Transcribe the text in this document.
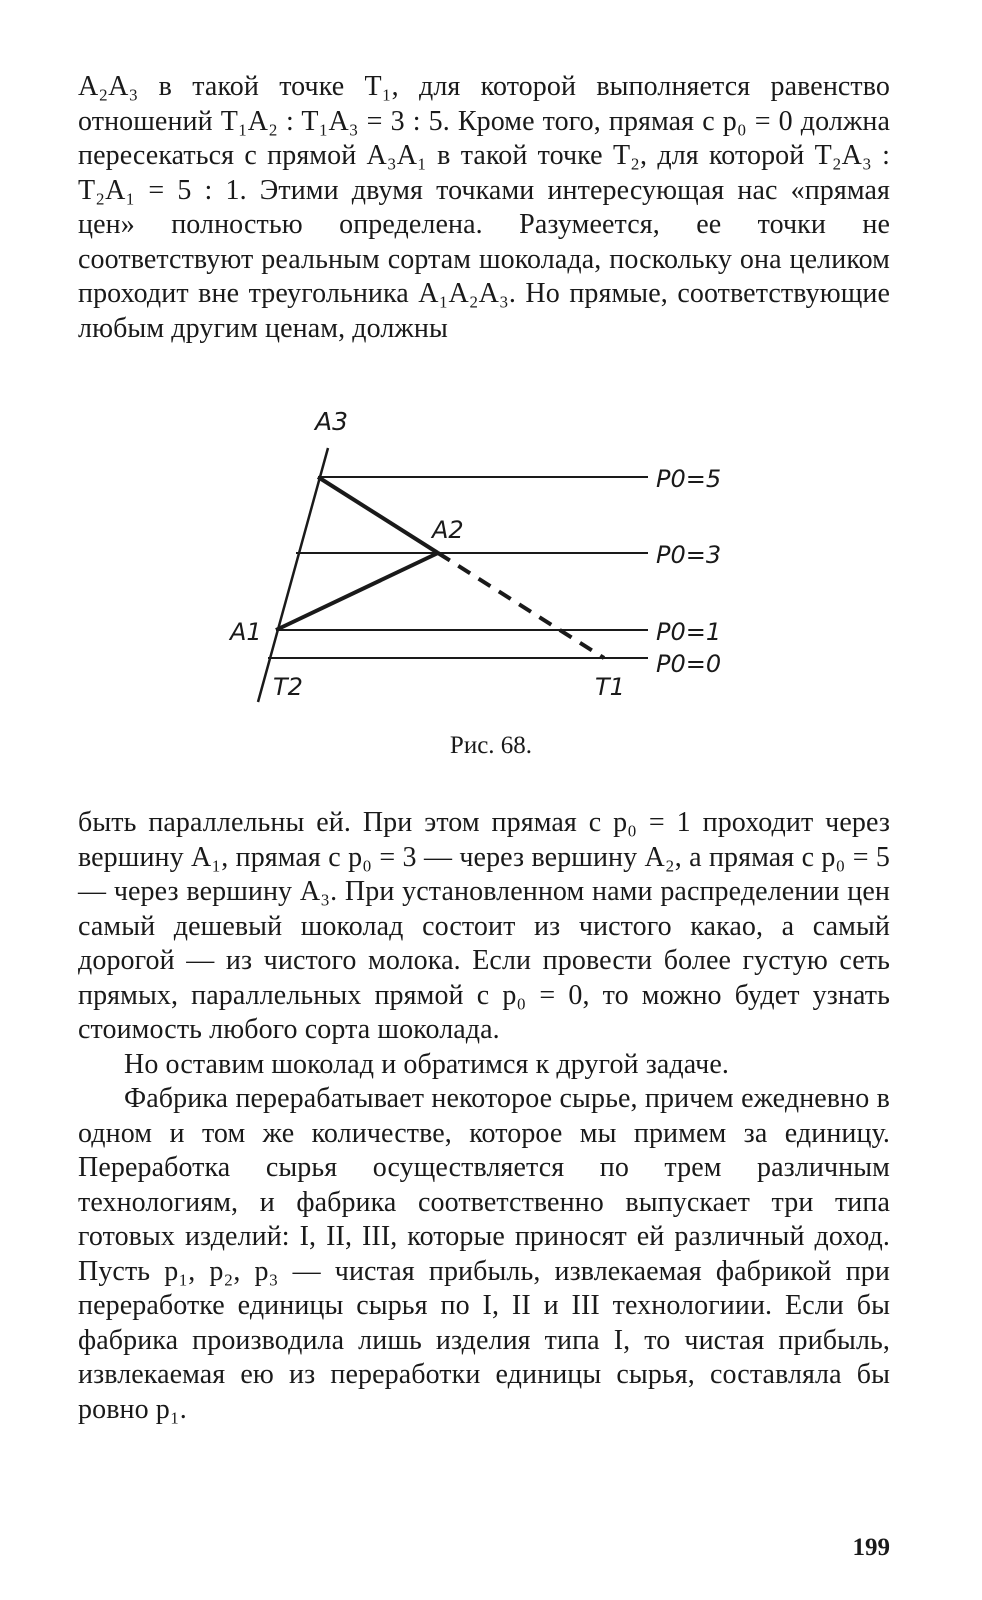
A₂A₃ в такой точке T₁, для которой выполняется равенство отношений T₁A₂ : T₁A₃ = 3 : 5. Кроме того, прямая с p₀ = 0 должна пересекаться с прямой A₃A₁ в такой точке T₂, для которой T₂A₃ : T₂A₁ = 5 : 1. Этими двумя точками интересующая нас «прямая цен» полностью определена. Разумеется, ее точки не соответствуют реальным сортам шоколада, поскольку она целиком проходит вне треугольника A₁A₂A₃. Но прямые, соответствующие любым другим ценам, должны

A3
A2
A1
T2	T1
P0=5
P0=3
P0=1
P0=0
Рис. 68.

быть параллельны ей. При этом прямая с p₀ = 1 проходит через вершину A₁, прямая с p₀ = 3 — через вершину A₂, а прямая с p₀ = 5 — через вершину A₃. При установленном нами распределении цен самый дешевый шоколад состоит из чистого какао, а самый дорогой — из чистого молока. Если провести более густую сеть прямых, параллельных прямой с p₀ = 0, то можно будет узнать стоимость любого сорта шоколада.

Но оставим шоколад и обратимся к другой задаче.

Фабрика перерабатывает некоторое сырье, причем ежедневно в одном и том же количестве, которое мы примем за единицу. Переработка сырья осуществляется по трем различным технологиям, и фабрика соответственно выпускает три типа готовых изделий: I, II, III, которые приносят ей различный доход. Пусть p₁, p₂, p₃ — чистая прибыль, извлекаемая фабрикой при переработке единицы сырья по I, II и III технологиии. Если бы фабрика производила лишь изделия типа I, то чистая прибыль, извлекаемая ею из переработки единицы сырья, составляла бы ровно p₁.

199
